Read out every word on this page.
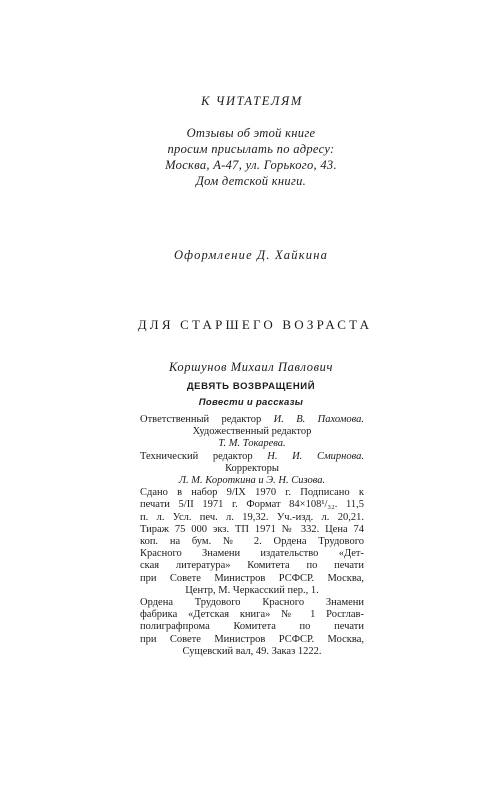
К ЧИТАТЕЛЯМ
Отзывы об этой книге
просим присылать по адресу:
Москва, А-47, ул. Горького, 43.
Дом детской книги.
Оформление Д. Хайкина
ДЛЯ СТАРШЕГО ВОЗРАСТА
Коршунов Михаил Павлович
ДЕВЯТЬ ВОЗВРАЩЕНИЙ
Повести и рассказы
Ответственный редактор И. В. Пахомова.
Художественный редактор
Т. М. Токарева.
Технический редактор Н. И. Смирнова.
Корректоры
Л. М. Короткина и Э. Н. Сизова.
Сдано в набор 9/IX 1970 г. Подписано к
печати 5/II 1971 г. Формат 84×108¹/₃₂. 11,5
п. л. Усл. печ. л. 19,32. Уч.-изд. л. 20,21.
Тираж 75 000 экз. ТП 1971 № 332. Цена 74
коп. на бум. № 2. Ордена Трудового
Красного Знамени издательство «Дет-
ская литература» Комитета по печати
при Совете Министров РСФСР. Москва,
Центр, М. Черкасский пер., 1.
Ордена Трудового Красного Знамени
фабрика «Детская книга» № 1 Росглав-
полиграфпрома Комитета по печати
при Совете Министров РСФСР. Москва,
Сущевский вал, 49. Заказ 1222.
